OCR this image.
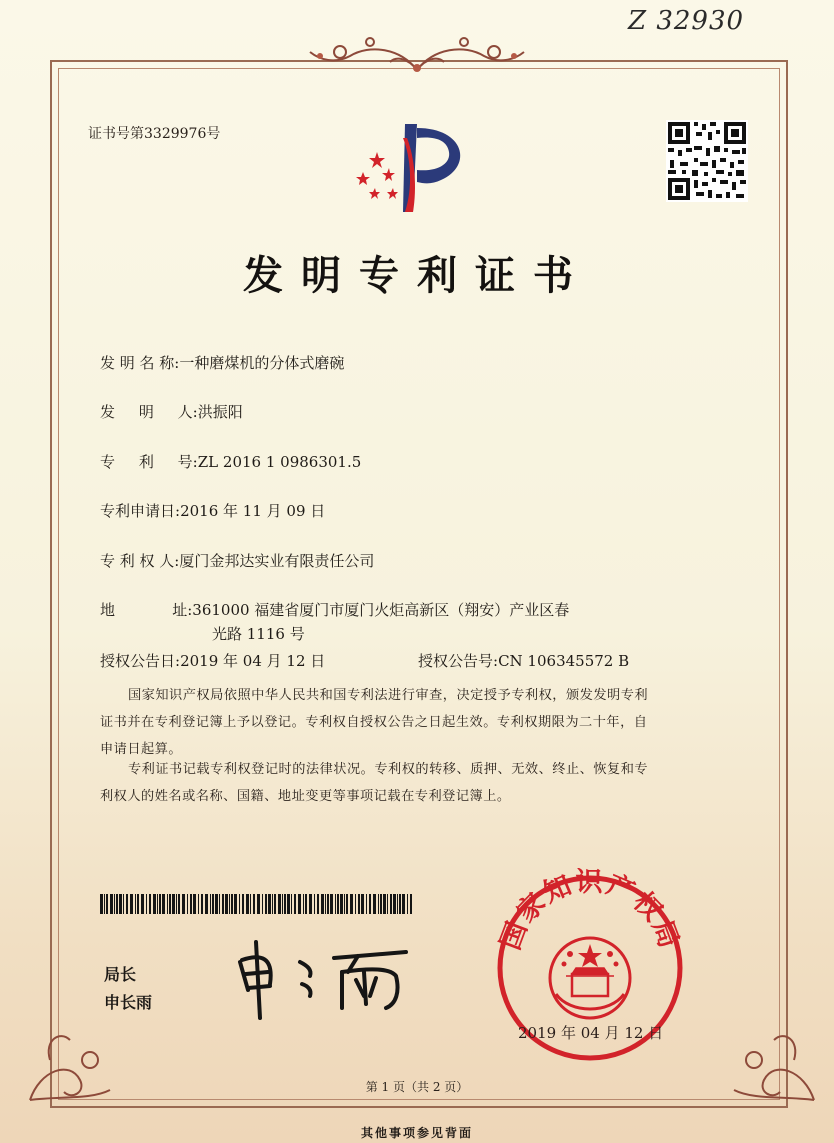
Z 32930
证书号第3329976号
发明专利证书
发 明 名 称:一种磨煤机的分体式磨碗
发     明     人:洪振阳
专     利     号:ZL 2016 1 0986301.5
专利申请日:2016 年 11 月 09 日
专 利 权 人:厦门金邦达实业有限责任公司
地            址:361000 福建省厦门市厦门火炬高新区（翔安）产业区春
光路 1116 号
授权公告日:2019 年 04 月 12 日	授权公告号:CN 106345572 B
国家知识产权局依照中华人民共和国专利法进行审查，决定授予专利权，颁发发明专利
证书并在专利登记簿上予以登记。专利权自授权公告之日起生效。专利权期限为二十年，自
申请日起算。
专利证书记载专利权登记时的法律状况。专利权的转移、质押、无效、终止、恢复和专
利权人的姓名或名称、国籍、地址变更等事项记载在专利登记簿上。
局长
申长雨
国家知识产权局
2019 年 04 月 12 日
第 1 页（共 2 页）
其他事项参见背面
